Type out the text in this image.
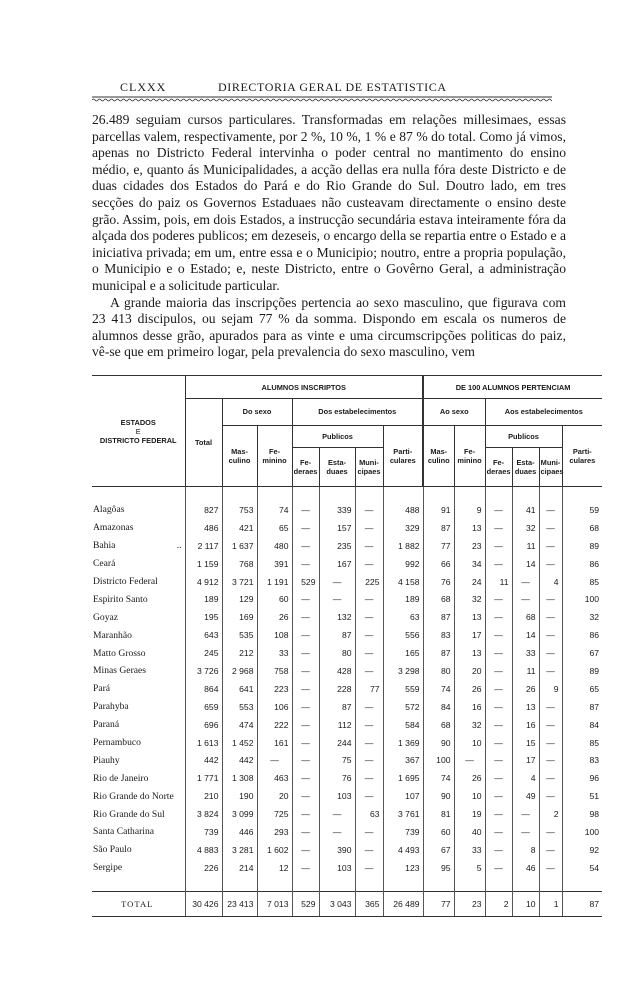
CLXXX	DIRECTORIA GERAL DE ESTATISTICA

26.489 seguiam cursos particulares. Transformadas em relações millesimaes, essas parcellas valem, respectivamente, por 2 %, 10 %, 1 % e 87 % do total. Como já vimos, apenas no Districto Federal intervinha o poder central no mantimento do ensino médio, e, quanto ás Municipalidades, a acção dellas era nulla fóra deste Districto e de duas cidades dos Estados do Pará e do Rio Grande do Sul. Doutro lado, em tres secções do paiz os Governos Estaduaes não custeavam directamente o ensino deste grão. Assim, pois, em dois Estados, a instrucção secundária estava inteiramente fóra da alçada dos poderes publicos; em dezeseis, o encargo della se repartia entre o Estado e a iniciativa privada; em um, entre essa e o Municipio; noutro, entre a propria população, o Municipio e o Estado; e, neste Districto, entre o Govêrno Geral, a administração municipal e a solicitude particular.

A grande maioria das inscripções pertencia ao sexo masculino, que figurava com 23 413 discipulos, ou sejam 77 % da somma. Dispondo em escala os numeros de alumnos desse grão, apurados para as vinte e uma circumscripções politicas do paiz, vê-se que em primeiro logar, pela prevalencia do sexo masculino, vem

ESTADOS
E
DISTRICTO FEDERAL	ALUMNOS INSCRIPTOS							DE 100 ALUMNOS PERTENCIAM					
	Total	Do sexo		Dos estabelecimentos				Ao sexo		Aos estabelecimentos			
		Mas-culino	Fe-minino	Publicos			Parti-culares	Mas-culino	Fe-minino	Publicos			Parti-culares
				Fe-deraes	Esta-duaes	Muni-cipaes				Fe-deraes	Esta-duaes	Muni-cipaes	

Alagôas	827	753	74	—	339	—	488	91	9	—	41	—	59
Amazonas	486	421	65	—	157	—	329	87	13	—	32	—	68
Bahia ..	2 117	1 637	480	—	235	—	1 882	77	23	—	11	—	89
Ceará	1 159	768	391	—	167	—	992	66	34	—	14	—	86
Districto Federal	4 912	3 721	1 191	529	—	225	4 158	76	24	11	—	4	85
Espirito Santo	189	129	60	—	—	—	189	68	32	—	—	—	100
Goyaz	195	169	26	—	132	—	63	87	13	—	68	—	32
Maranhão	643	535	108	—	87	—	556	83	17	—	14	—	86
Matto Grosso	245	212	33	—	80	—	165	87	13	—	33	—	67
Minas Geraes	3 726	2 968	758	—	428	—	3 298	80	20	—	11	—	89
Pará	864	641	223	—	228	77	559	74	26	—	26	9	65
Parahyba	659	553	106	—	87	—	572	84	16	—	13	—	87
Paraná	696	474	222	—	112	—	584	68	32	—	16	—	84
Pernambuco	1 613	1 452	161	—	244	—	1 369	90	10	—	15	—	85
Piauhy	442	442	—	—	75	—	367	100	—	—	17	—	83
Rio de Janeiro	1 771	1 308	463	—	76	—	1 695	74	26	—	4	—	96
Rio Grande do Norte	210	190	20	—	103	—	107	90	10	—	49	—	51
Rio Grande do Sul	3 824	3 099	725	—	—	63	3 761	81	19	—	—	2	98
Santa Catharina	739	446	293	—	—	—	739	60	40	—	—	—	100
São Paulo	4 883	3 281	1 602	—	390	—	4 493	67	33	—	8	—	92
Sergipe	226	214	12	—	103	—	123	95	5	—	46	—	54

TOTAL	30 426	23 413	7 013	529	3 043	365	26 489	77	23	2	10	1	87
